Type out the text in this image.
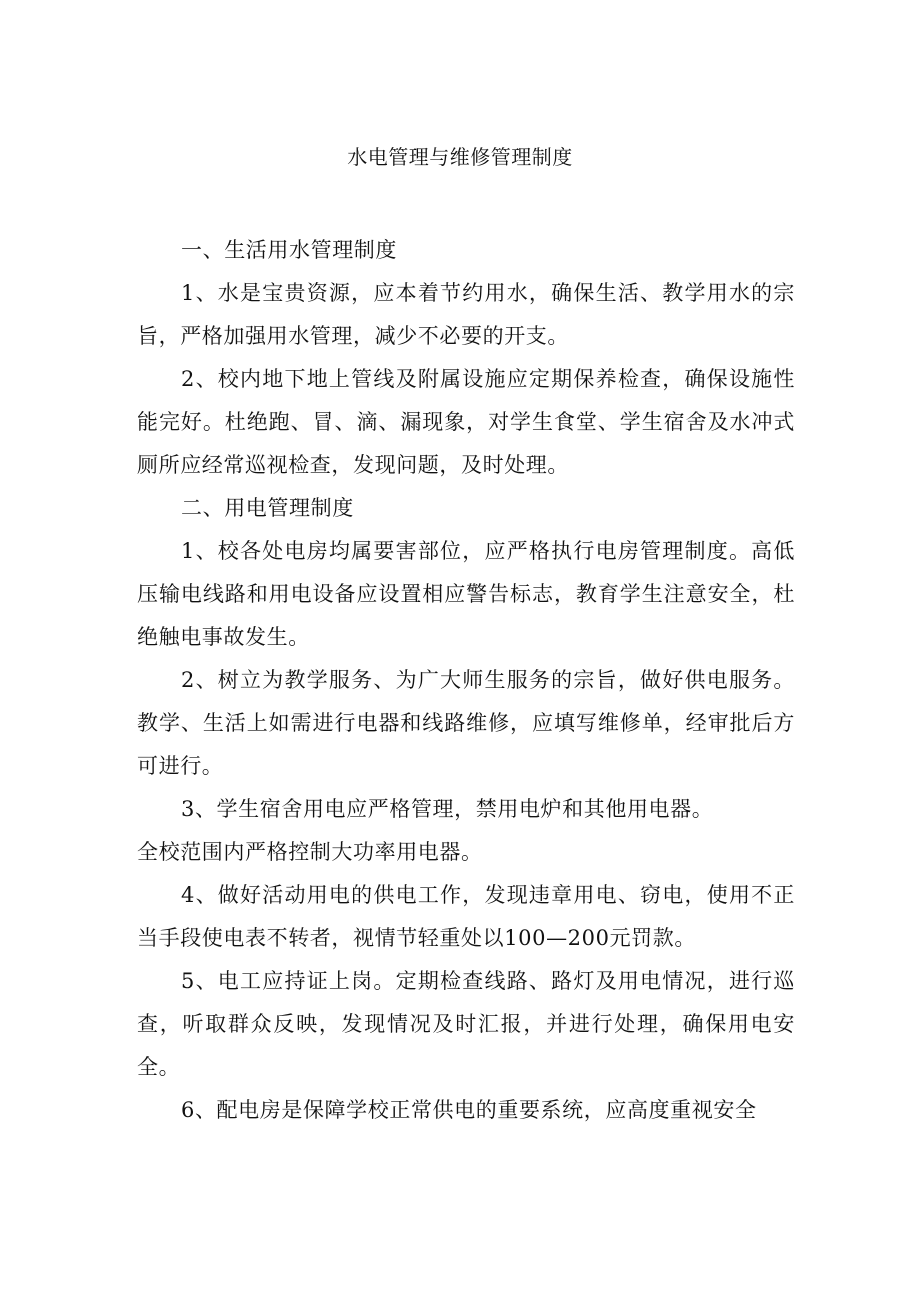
水电管理与维修管理制度

一、生活用水管理制度

1、水是宝贵资源，应本着节约用水，确保生活、教学用水的宗旨，严格加强用水管理，减少不必要的开支。

2、校内地下地上管线及附属设施应定期保养检查，确保设施性能完好。杜绝跑、冒、滴、漏现象，对学生食堂、学生宿舍及水冲式厕所应经常巡视检查，发现问题，及时处理。

二、用电管理制度

1、校各处电房均属要害部位，应严格执行电房管理制度。高低压输电线路和用电设备应设置相应警告标志，教育学生注意安全，杜绝触电事故发生。

2、树立为教学服务、为广大师生服务的宗旨，做好供电服务。教学、生活上如需进行电器和线路维修，应填写维修单，经审批后方可进行。

3、学生宿舍用电应严格管理，禁用电炉和其他用电器。

全校范围内严格控制大功率用电器。

4、做好活动用电的供电工作，发现违章用电、窃电，使用不正当手段使电表不转者，视情节轻重处以100—200元罚款。

5、电工应持证上岗。定期检查线路、路灯及用电情况，进行巡查，听取群众反映，发现情况及时汇报，并进行处理，确保用电安全。

6、配电房是保障学校正常供电的重要系统，应高度重视安全
